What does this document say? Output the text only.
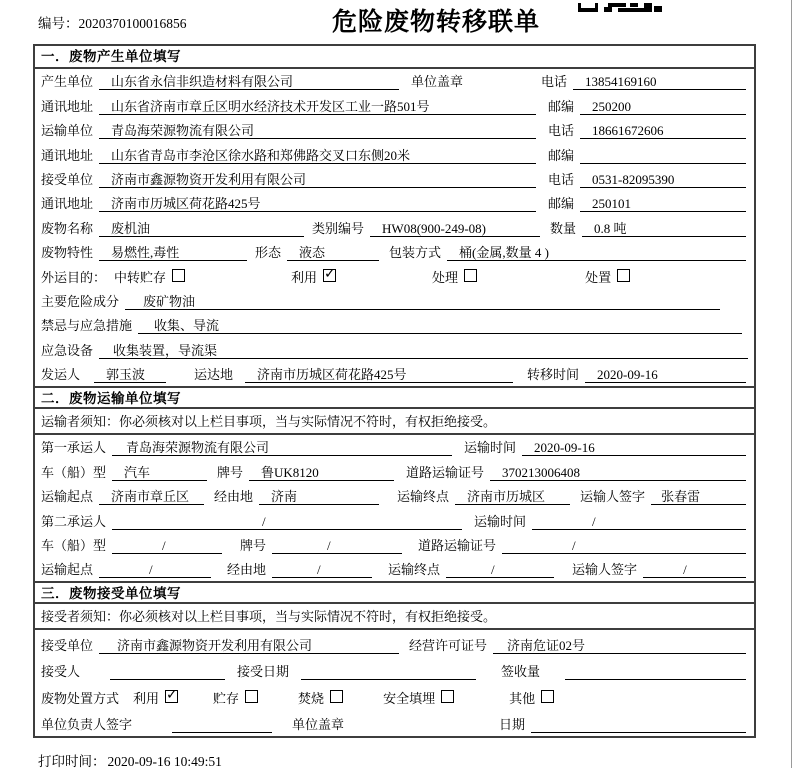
编号：2020370100016856	危险废物转移联单
一．废物产生单位填写
产生单位	山东省永信非织造材料有限公司	单位盖章	电话	13854169160
通讯地址	山东省济南市章丘区明水经济技术开发区工业一路501号	邮编	250200
运输单位	青岛海荣源物流有限公司	电话	18661672606
通讯地址	山东省青岛市李沧区徐水路和郑佛路交叉口东侧20米	邮编
接受单位	济南市鑫源物资开发利用有限公司	电话	0531-82095390
通讯地址	济南市历城区荷花路425号	邮编	250101
废物名称	废机油	类别编号	HW08(900-249-08)	数量	0.8 吨
废物特性	易燃性,毒性	形态	液态	包装方式	桶(金属,数量 4 )
外运目的： 中转贮存	利用 ✓	处理	处置
主要危险成分	废矿物油
禁忌与应急措施	收集、导流
应急设备	收集装置，导流渠
发运人	郭玉波	运达地	济南市历城区荷花路425号	转移时间	2020-09-16
二．废物运输单位填写
运输者须知：你必须核对以上栏目事项，当与实际情况不符时，有权拒绝接受。
第一承运人	青岛海荣源物流有限公司	运输时间	2020-09-16
车（船）型	汽车	牌号	鲁UK8120	道路运输证号	370213006408
运输起点	济南市章丘区	经由地	济南	运输终点	济南市历城区	运输人签字	张春雷
第二承运人	/	运输时间	/
车（船）型	/	牌号	/	道路运输证号	/
运输起点	/	经由地	/	运输终点	/	运输人签字	/
三．废物接受单位填写
接受者须知：你必须核对以上栏目事项，当与实际情况不符时，有权拒绝接受。
接受单位	济南市鑫源物资开发利用有限公司	经营许可证号	济南危证02号
接受人	接受日期	签收量
废物处置方式 利用 ✓	贮存	焚烧	安全填埋	其他
单位负责人签字	单位盖章	日期
打印时间： 2020-09-16 10:49:51
